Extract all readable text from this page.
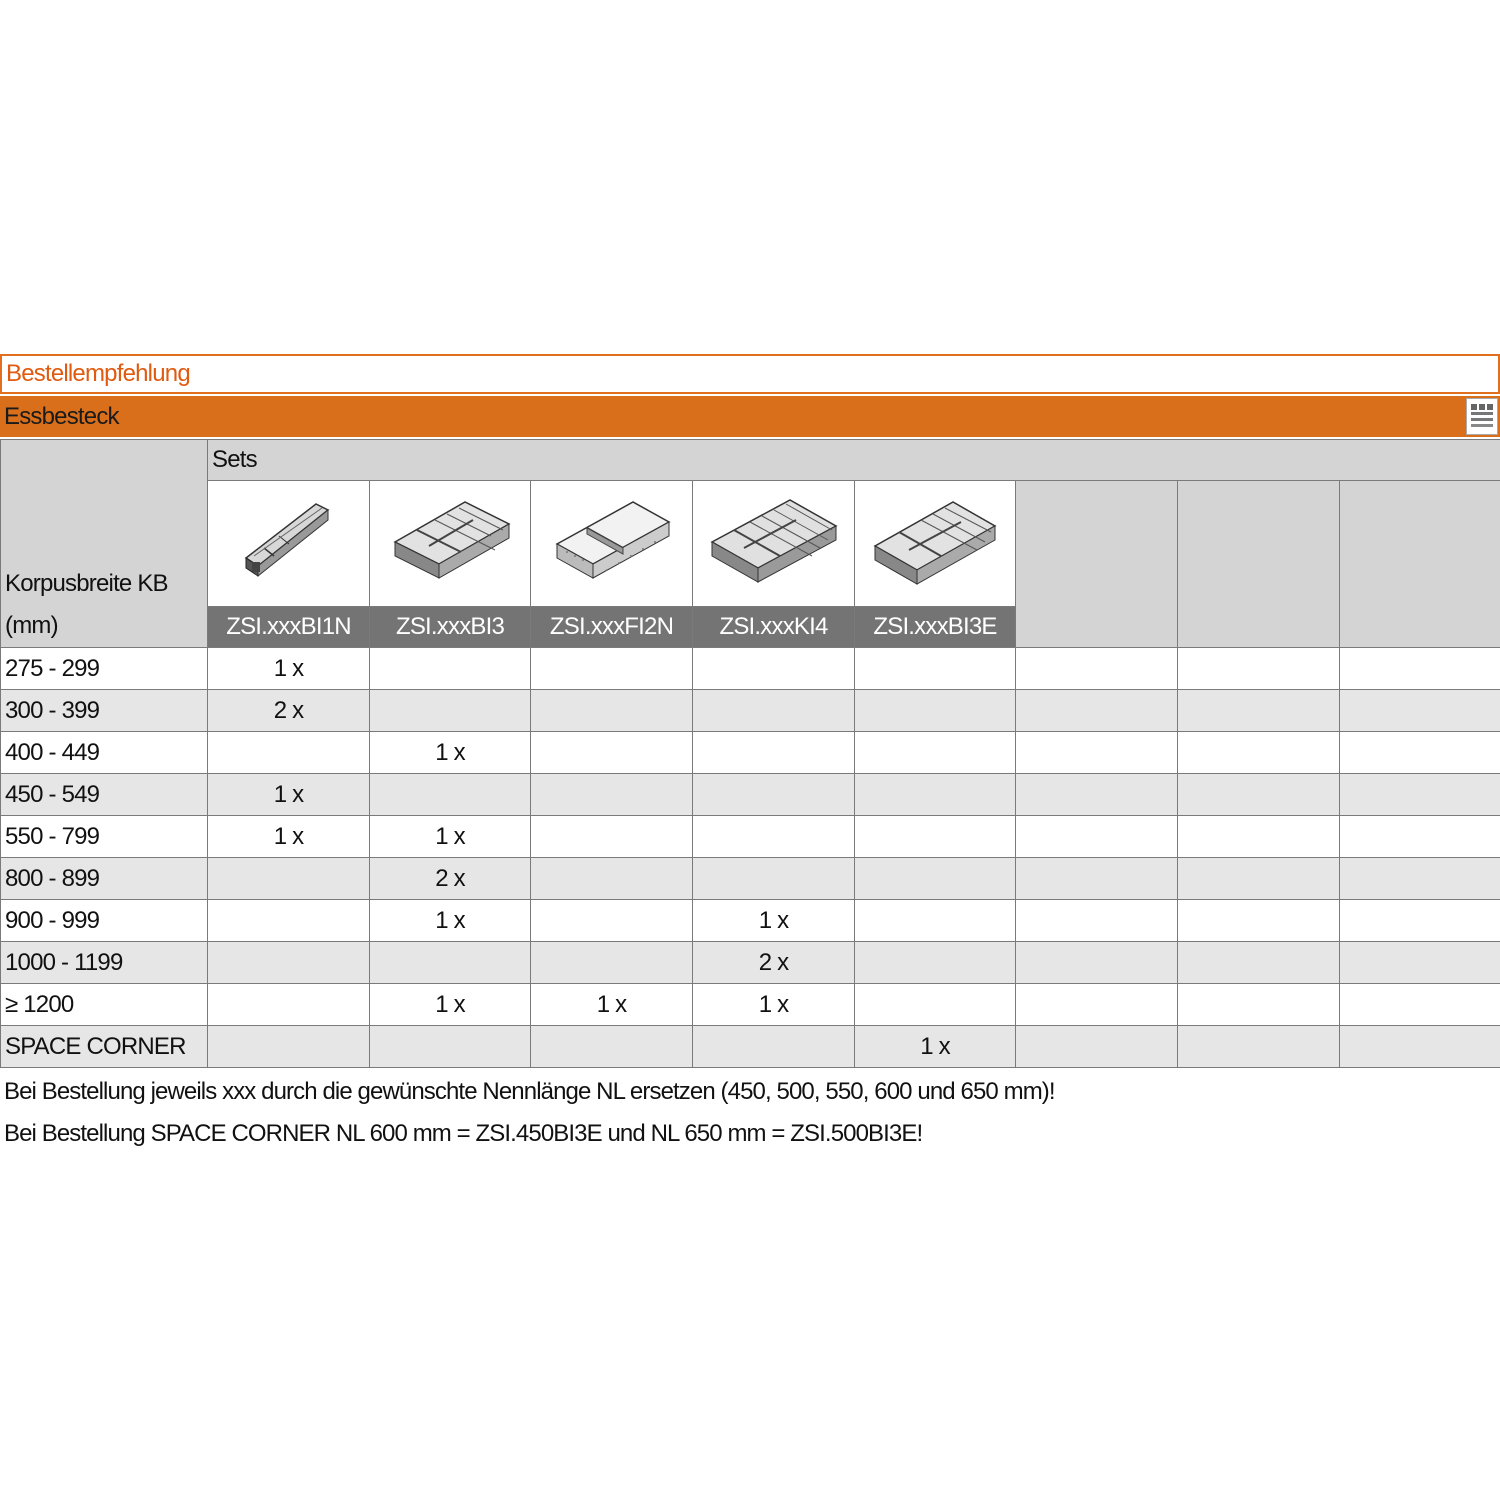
Bestellempfehlung
Essbesteck
Korpusbreite KB
(mm)	Sets							

	ZSI.xxxBI1N	ZSI.xxxBI3	ZSI.xxxFI2N	ZSI.xxxKI4	ZSI.xxxBI3E			
275 - 299	1 x							
300 - 399	2 x							
400 - 449		1 x						
450 - 549	1 x							
550 - 799	1 x	1 x						
800 - 899		2 x						
900 - 999		1 x		1 x				
1000 - 1199				2 x				
≥ 1200		1 x	1 x	1 x				
SPACE CORNER					1 x			
Bei Bestellung jeweils xxx durch die gewünschte Nennlänge NL ersetzen (450, 500, 550, 600 und 650 mm)!
Bei Bestellung SPACE CORNER NL 600 mm = ZSI.450BI3E und NL 650 mm = ZSI.500BI3E!
